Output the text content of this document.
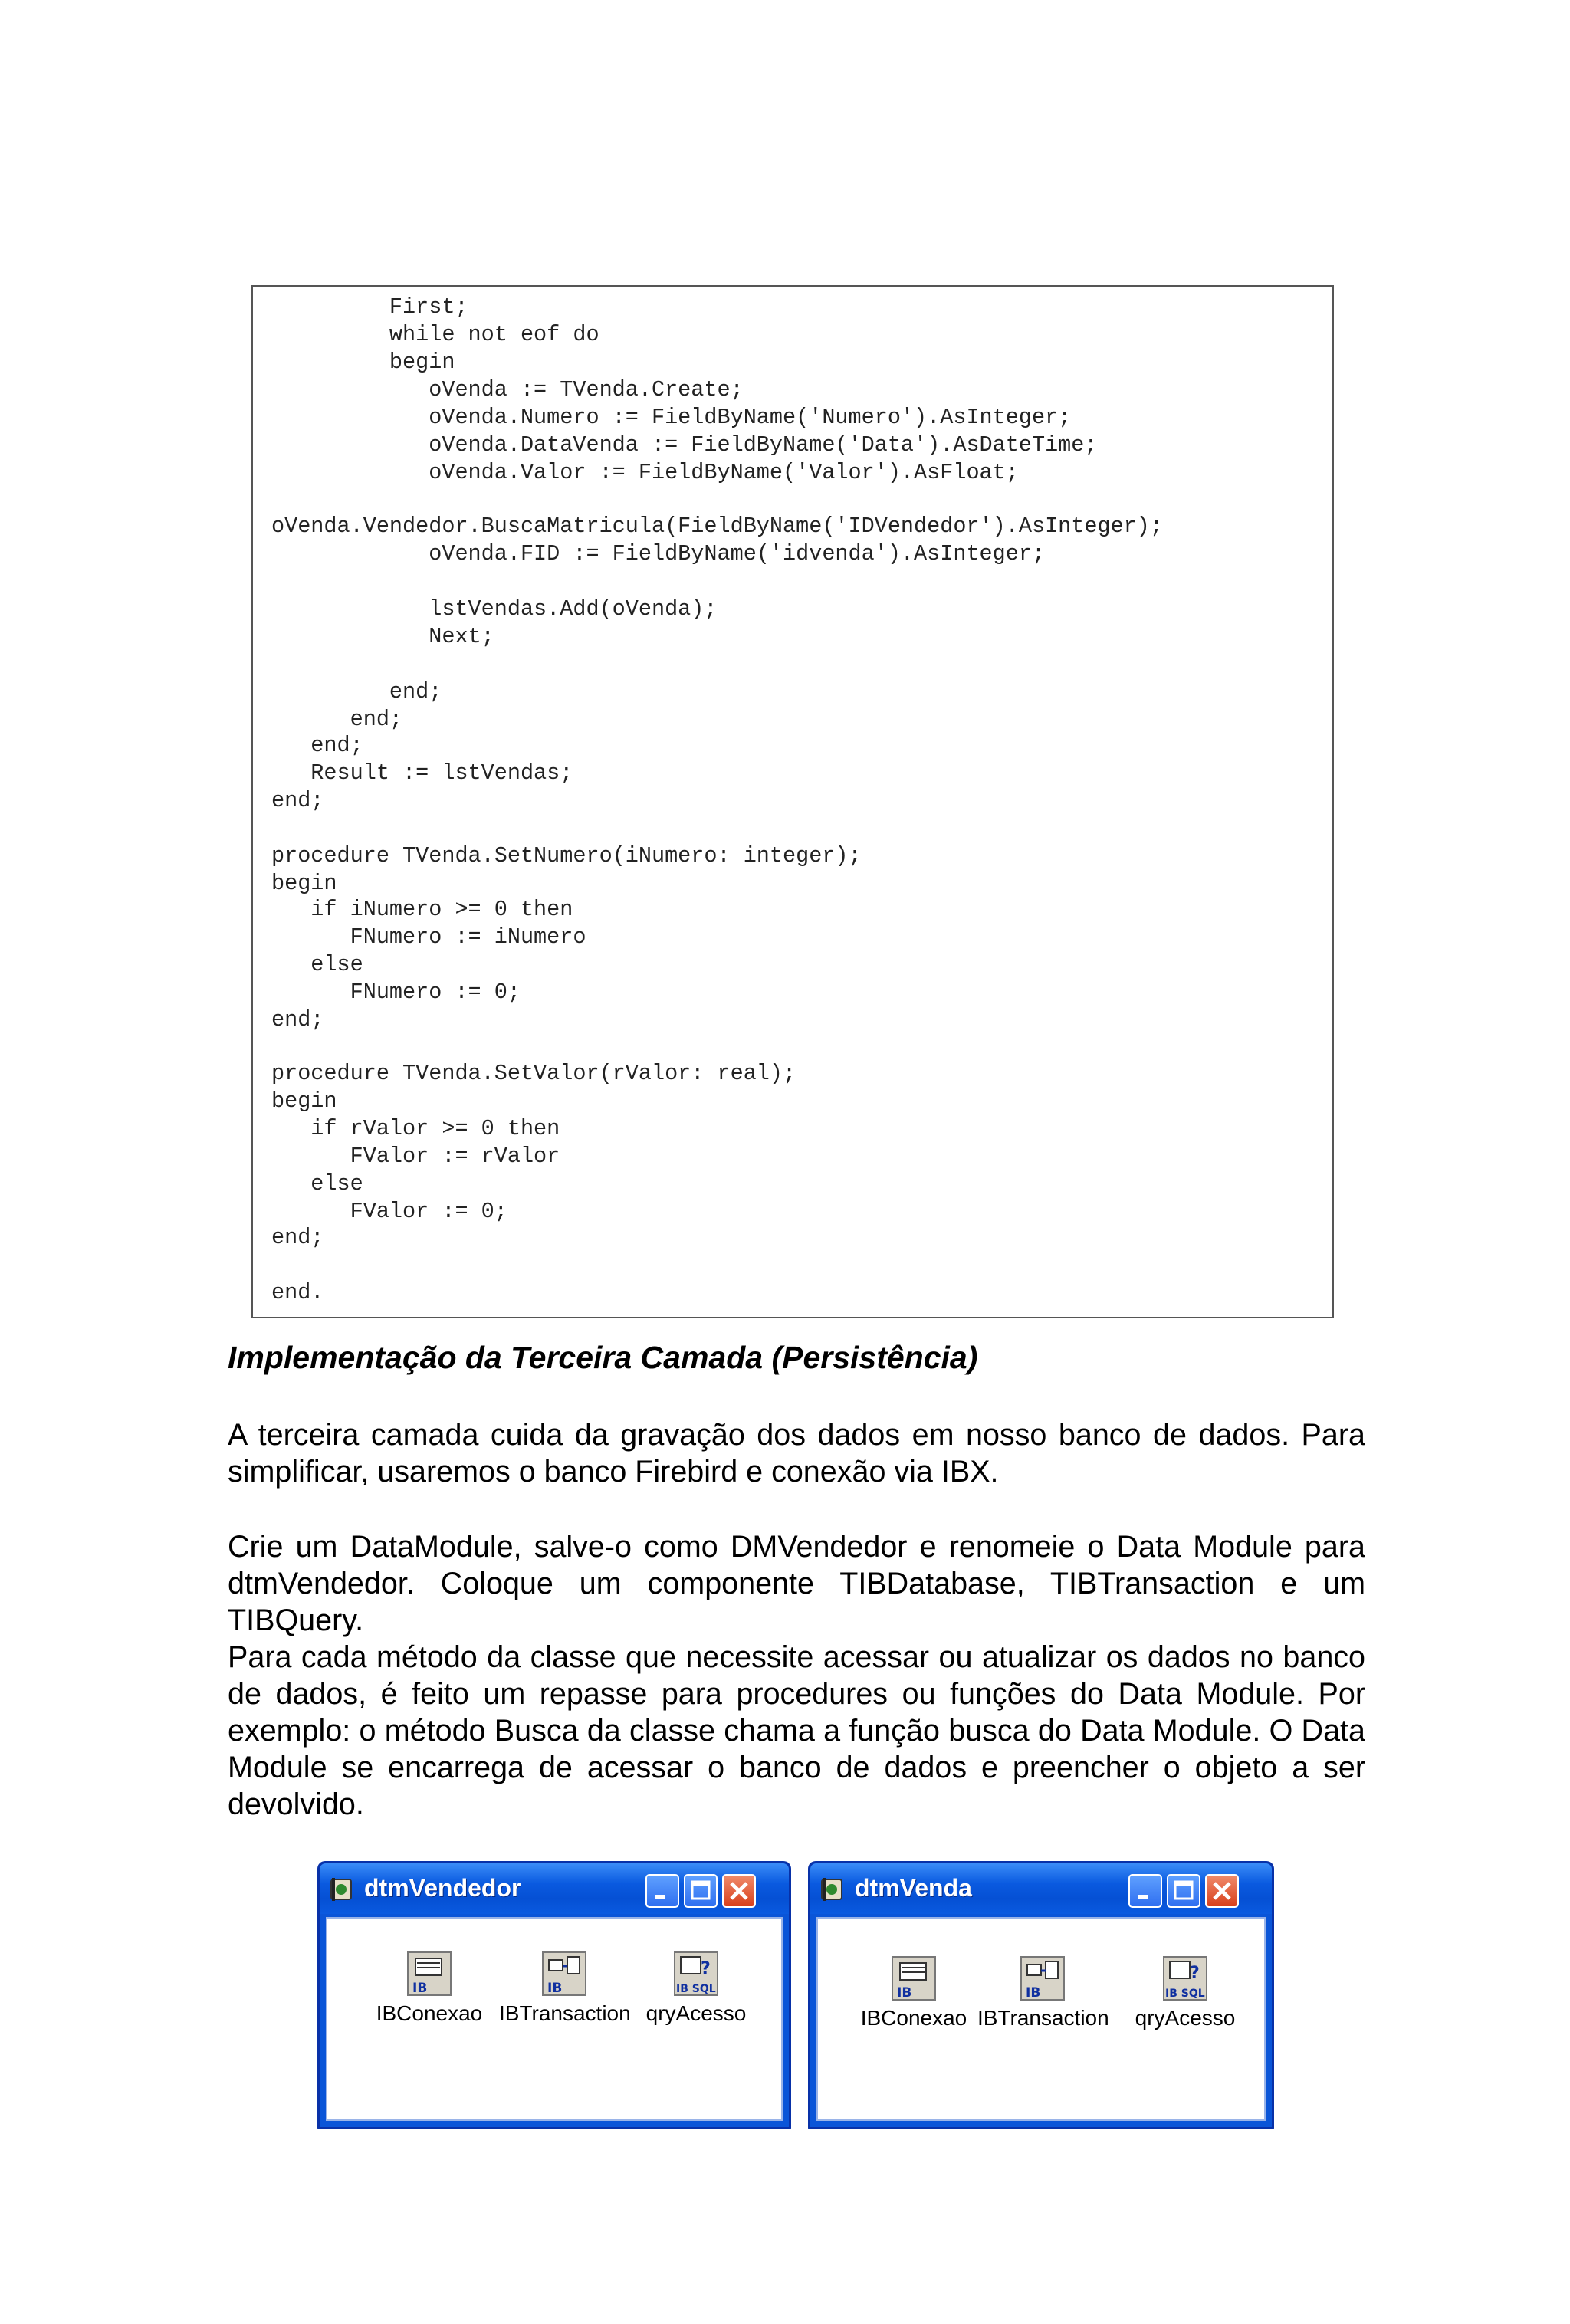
First;
while not eof do
begin
oVenda := TVenda.Create;
oVenda.Numero := FieldByName('Numero').AsInteger;
oVenda.DataVenda := FieldByName('Data').AsDateTime;
oVenda.Valor := FieldByName('Valor').AsFloat;
oVenda.Vendedor.BuscaMatricula(FieldByName('IDVendedor').AsInteger);
oVenda.FID := FieldByName('idvenda').AsInteger;
lstVendas.Add(oVenda);
Next;
end;
end;
end;
Result := lstVendas;
end;
procedure TVenda.SetNumero(iNumero: integer);
begin
if iNumero >= 0 then
FNumero := iNumero
else
FNumero := 0;
end;
procedure TVenda.SetValor(rValor: real);
begin
if rValor >= 0 then
FValor := rValor
else
FValor := 0;
end;
end.
Implementação da Terceira Camada (Persistência)
A terceira camada cuida da gravação dos dados em nosso banco de dados. Para simplificar, usaremos o banco Firebird e conexão via IBX.
Crie um DataModule, salve-o como DMVendedor e renomeie o Data Module para dtmVendedor. Coloque um componente TIBDatabase, TIBTransaction e um TIBQuery.
Para cada método da classe que necessite acessar ou atualizar os dados no banco de dados, é feito um repasse para procedures ou funções do Data Module. Por exemplo: o método Busca da classe chama a função busca do Data Module. O Data Module se encarrega de acessar o banco de dados e preencher o objeto a ser devolvido.
dtmVendedor
IB
IBConexao
IB
IBTransaction
?
IB SQL
qryAcesso
dtmVenda
IB
IBConexao
IB
IBTransaction
?
IB SQL
qryAcesso
